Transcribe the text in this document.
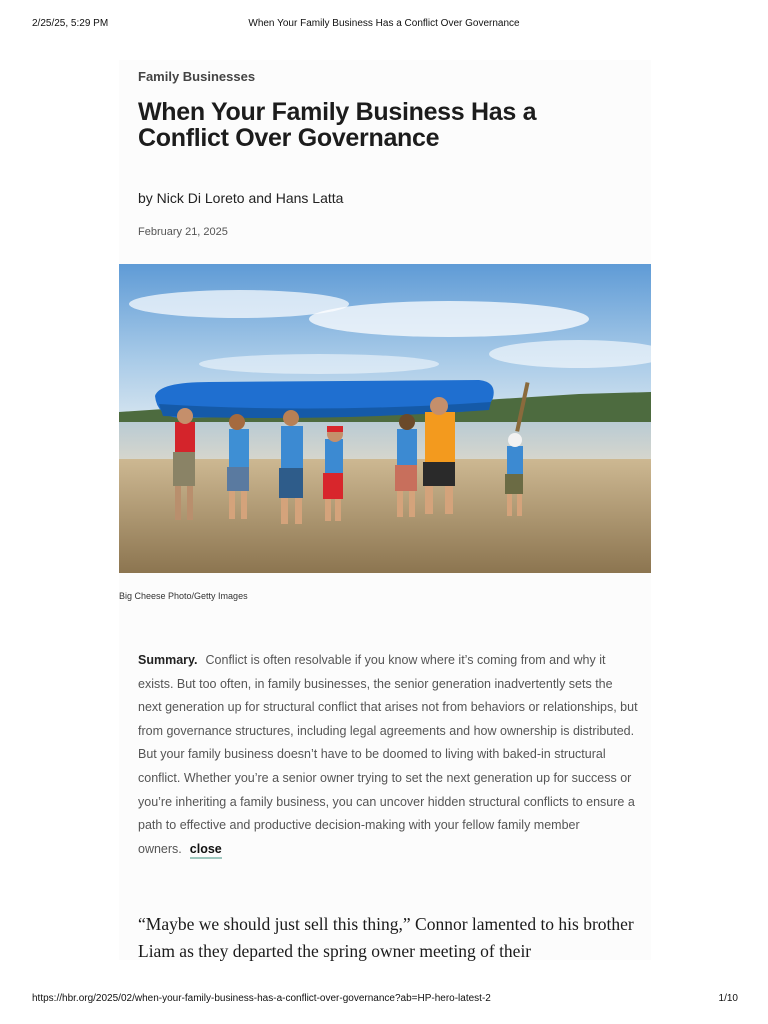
2/25/25, 5:29 PM	When Your Family Business Has a Conflict Over Governance
Family Businesses
When Your Family Business Has a Conflict Over Governance
by Nick Di Loreto and Hans Latta
February 21, 2025
Big Cheese Photo/Getty Images

Summary. Conflict is often resolvable if you know where it’s coming from and why it exists. But too often, in family businesses, the senior generation inadvertently sets the next generation up for structural conflict that arises not from behaviors or relationships, but from governance structures, including legal agreements and how ownership is distributed. But your family business doesn’t have to be doomed to living with baked-in structural conflict. Whether you’re a senior owner trying to set the next generation up for success or you’re inheriting a family business, you can uncover hidden structural conflicts to ensure a path to effective and productive decision-making with your fellow family member owners. close

“Maybe we should just sell this thing,” Connor lamented to his brother Liam as they departed the spring owner meeting of their

https://hbr.org/2025/02/when-your-family-business-has-a-conflict-over-governance?ab=HP-hero-latest-2	1/10
